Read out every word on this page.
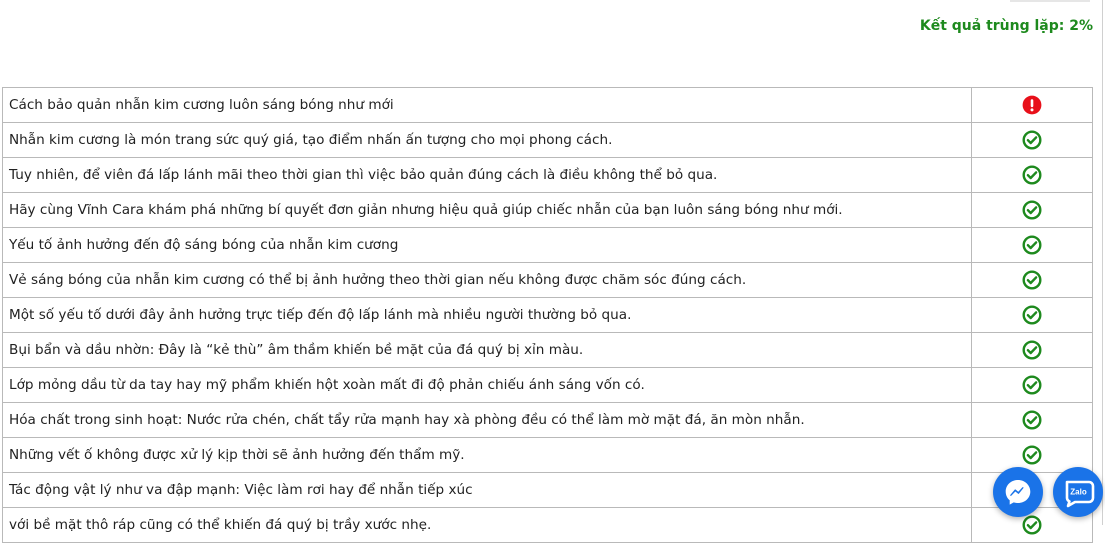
Kết quả trùng lặp: 2%
Cách bảo quản nhẫn kim cương luôn sáng bóng như mới	
Nhẫn kim cương là món trang sức quý giá, tạo điểm nhấn ấn tượng cho mọi phong cách.	
Tuy nhiên, để viên đá lấp lánh mãi theo thời gian thì việc bảo quản đúng cách là điều không thể bỏ qua.	
Hãy cùng Vĩnh Cara khám phá những bí quyết đơn giản nhưng hiệu quả giúp chiếc nhẫn của bạn luôn sáng bóng như mới.	
Yếu tố ảnh hưởng đến độ sáng bóng của nhẫn kim cương	
Vẻ sáng bóng của nhẫn kim cương có thể bị ảnh hưởng theo thời gian nếu không được chăm sóc đúng cách.	
Một số yếu tố dưới đây ảnh hưởng trực tiếp đến độ lấp lánh mà nhiều người thường bỏ qua.	
Bụi bẩn và dầu nhờn: Đây là “kẻ thù” âm thầm khiến bề mặt của đá quý bị xỉn màu.	
Lớp mỏng dầu từ da tay hay mỹ phẩm khiến hột xoàn mất đi độ phản chiếu ánh sáng vốn có.	
Hóa chất trong sinh hoạt: Nước rửa chén, chất tẩy rửa mạnh hay xà phòng đều có thể làm mờ mặt đá, ăn mòn nhẫn.	
Những vết ố không được xử lý kịp thời sẽ ảnh hưởng đến thẩm mỹ.	
Tác động vật lý như va đập mạnh: Việc làm rơi hay để nhẫn tiếp xúc	
với bề mặt thô ráp cũng có thể khiến đá quý bị trầy xước nhẹ.	
Zalo
